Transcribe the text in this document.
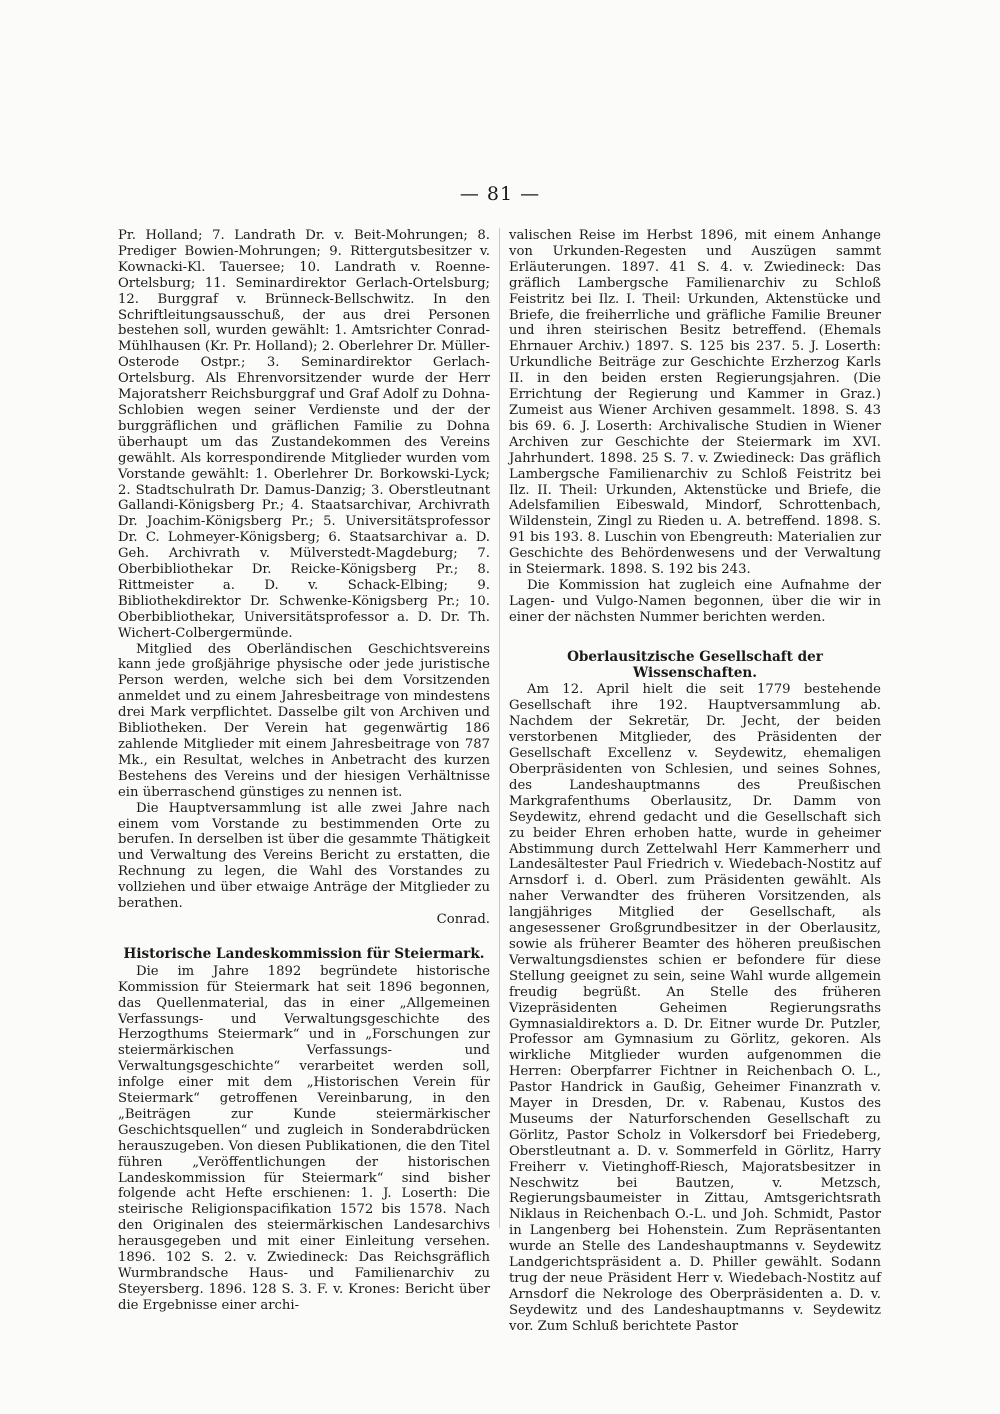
— 81 —

Pr. Holland; 7. Landrath Dr. v. Beit-Mohrungen; 8. Prediger Bowien-Mohrungen; 9. Rittergutsbesitzer v. Kownacki-Kl. Tauersee; 10. Landrath v. Roenne-Ortelsburg; 11. Seminardirektor Gerlach-Ortelsburg; 12. Burggraf v. Brünneck-Bellschwitz. In den Schriftleitungsausschuß, der aus drei Personen bestehen soll, wurden gewählt: 1. Amtsrichter Conrad-Mühlhausen (Kr. Pr. Holland); 2. Oberlehrer Dr. Müller-Osterode Ostpr.; 3. Seminardirektor Gerlach-Ortelsburg. Als Ehrenvorsitzender wurde der Herr Majoratsherr Reichsburggraf und Graf Adolf zu Dohna-Schlobien wegen seiner Verdienste und der der burggräflichen und gräflichen Familie zu Dohna überhaupt um das Zustandekommen des Vereins gewählt. Als korrespondirende Mitglieder wurden vom Vorstande gewählt: 1. Oberlehrer Dr. Borkowski-Lyck; 2. Stadtschulrath Dr. Damus-Danzig; 3. Oberstleutnant Gallandi-Königsberg Pr.; 4. Staatsarchivar, Archivrath Dr. Joachim-Königsberg Pr.; 5. Universitätsprofessor Dr. C. Lohmeyer-Königsberg; 6. Staatsarchivar a. D. Geh. Archivrath v. Mülverstedt-Magdeburg; 7. Oberbibliothekar Dr. Reicke-Königsberg Pr.; 8. Rittmeister a. D. v. Schack-Elbing; 9. Bibliothekdirektor Dr. Schwenke-Königsberg Pr.; 10. Oberbibliothekar, Universitätsprofessor a. D. Dr. Th. Wichert-Colbergermünde.

Mitglied des Oberländischen Geschichtsvereins kann jede großjährige physische oder jede juristische Person werden, welche sich bei dem Vorsitzenden anmeldet und zu einem Jahresbeitrage von mindestens drei Mark verpflichtet. Dasselbe gilt von Archiven und Bibliotheken. Der Verein hat gegenwärtig 186 zahlende Mitglieder mit einem Jahresbeitrage von 787 Mk., ein Resultat, welches in Anbetracht des kurzen Bestehens des Vereins und der hiesigen Verhältnisse ein überraschend günstiges zu nennen ist.

Die Hauptversammlung ist alle zwei Jahre nach einem vom Vorstande zu bestimmenden Orte zu berufen. In derselben ist über die gesammte Thätigkeit und Verwaltung des Vereins Bericht zu erstatten, die Rechnung zu legen, die Wahl des Vorstandes zu vollziehen und über etwaige Anträge der Mitglieder zu berathen.

Conrad.

Historische Landeskommission für Steiermark.

Die im Jahre 1892 begründete historische Kommission für Steiermark hat seit 1896 begonnen, das Quellenmaterial, das in einer „Allgemeinen Verfassungs- und Verwaltungsgeschichte des Herzogthums Steiermark“ und in „Forschungen zur steiermärkischen Verfassungs- und Verwaltungsgeschichte“ verarbeitet werden soll, infolge einer mit dem „Historischen Verein für Steiermark“ getroffenen Vereinbarung, in den „Beiträgen zur Kunde steiermärkischer Geschichtsquellen“ und zugleich in Sonderabdrücken herauszugeben. Von diesen Publikationen, die den Titel führen „Veröffentlichungen der historischen Landeskommission für Steiermark“ sind bisher folgende acht Hefte erschienen: 1. J. Loserth: Die steirische Religionspacifikation 1572 bis 1578. Nach den Originalen des steiermärkischen Landesarchivs herausgegeben und mit einer Einleitung versehen. 1896. 102 S. 2. v. Zwiedineck: Das Reichsgräflich Wurmbrandsche Haus- und Familienarchiv zu Steyersberg. 1896. 128 S. 3. F. v. Krones: Bericht über die Ergebnisse einer archi-

valischen Reise im Herbst 1896, mit einem Anhange von Urkunden-Regesten und Auszügen sammt Erläuterungen. 1897. 41 S. 4. v. Zwiedineck: Das gräflich Lambergsche Familienarchiv zu Schloß Feistritz bei Ilz. I. Theil: Urkunden, Aktenstücke und Briefe, die freiherrliche und gräfliche Familie Breuner und ihren steirischen Besitz betreffend. (Ehemals Ehrnauer Archiv.) 1897. S. 125 bis 237. 5. J. Loserth: Urkundliche Beiträge zur Geschichte Erzherzog Karls II. in den beiden ersten Regierungsjahren. (Die Errichtung der Regierung und Kammer in Graz.) Zumeist aus Wiener Archiven gesammelt. 1898. S. 43 bis 69. 6. J. Loserth: Archivalische Studien in Wiener Archiven zur Geschichte der Steiermark im XVI. Jahrhundert. 1898. 25 S. 7. v. Zwiedineck: Das gräflich Lambergsche Familienarchiv zu Schloß Feistritz bei Ilz. II. Theil: Urkunden, Aktenstücke und Briefe, die Adelsfamilien Eibeswald, Mindorf, Schrottenbach, Wildenstein, Zingl zu Rieden u. A. betreffend. 1898. S. 91 bis 193. 8. Luschin von Ebengreuth: Materialien zur Geschichte des Behördenwesens und der Verwaltung in Steiermark. 1898. S. 192 bis 243.

Die Kommission hat zugleich eine Aufnahme der Lagen- und Vulgo-Namen begonnen, über die wir in einer der nächsten Nummer berichten werden.

Oberlausitzische Gesellschaft der Wissenschaften.

Am 12. April hielt die seit 1779 bestehende Gesellschaft ihre 192. Hauptversammlung ab. Nachdem der Sekretär, Dr. Jecht, der beiden verstorbenen Mitglieder, des Präsidenten der Gesellschaft Excellenz v. Seydewitz, ehemaligen Oberpräsidenten von Schlesien, und seines Sohnes, des Landeshauptmanns des Preußischen Markgrafenthums Oberlausitz, Dr. Damm von Seydewitz, ehrend gedacht und die Gesellschaft sich zu beider Ehren erhoben hatte, wurde in geheimer Abstimmung durch Zettelwahl Herr Kammerherr und Landesältester Paul Friedrich v. Wiedebach-Nostitz auf Arnsdorf i. d. Oberl. zum Präsidenten gewählt. Als naher Verwandter des früheren Vorsitzenden, als langjähriges Mitglied der Gesellschaft, als angesessener Großgrundbesitzer in der Oberlausitz, sowie als früherer Beamter des höheren preußischen Verwaltungsdienstes schien er befondere für diese Stellung geeignet zu sein, seine Wahl wurde allgemein freudig begrüßt. An Stelle des früheren Vizepräsidenten Geheimen Regierungsraths Gymnasialdirektors a. D. Dr. Eitner wurde Dr. Putzler, Professor am Gymnasium zu Görlitz, gekoren. Als wirkliche Mitglieder wurden aufgenommen die Herren: Oberpfarrer Fichtner in Reichenbach O. L., Pastor Handrick in Gaußig, Geheimer Finanzrath v. Mayer in Dresden, Dr. v. Rabenau, Kustos des Museums der Naturforschenden Gesellschaft zu Görlitz, Pastor Scholz in Volkersdorf bei Friedeberg, Oberstleutnant a. D. v. Sommerfeld in Görlitz, Harry Freiherr v. Vietinghoff-Riesch, Majoratsbesitzer in Neschwitz bei Bautzen, v. Metzsch, Regierungsbaumeister in Zittau, Amtsgerichtsrath Niklaus in Reichenbach O.-L. und Joh. Schmidt, Pastor in Langenberg bei Hohenstein. Zum Repräsentanten wurde an Stelle des Landeshauptmanns v. Seydewitz Landgerichtspräsident a. D. Philler gewählt. Sodann trug der neue Präsident Herr v. Wiedebach-Nostitz auf Arnsdorf die Nekrologe des Oberpräsidenten a. D. v. Seydewitz und des Landeshauptmanns v. Seydewitz vor. Zum Schluß berichtete Pastor
